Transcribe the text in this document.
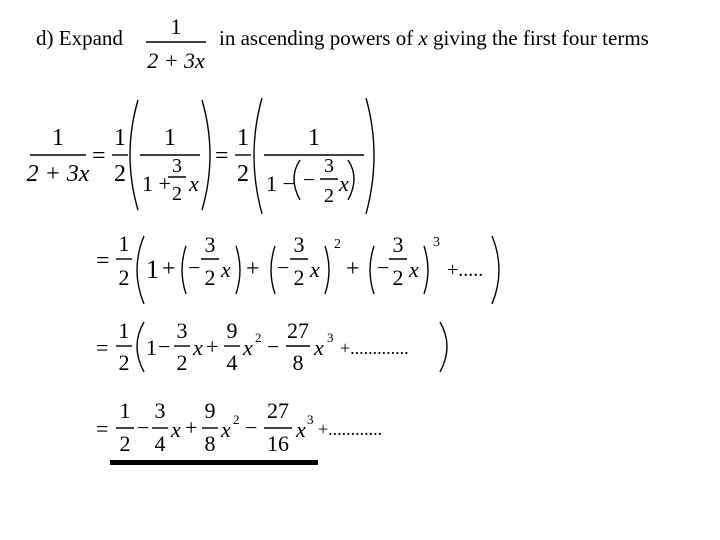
d) Expand	in ascending powers of x giving the first four terms
1
2 + 3x
1
2 + 3x
=
1
2
1
1 +
3
2 x
=
1
2
1
1 − −
3
2 x
=
1
2 1 + −
3
2 x + −
3
2 x
2
+ −
3
2 x
3
+.....
=
1
2
1 −
3
2
x +
9
4
x 2 −
27
8
x 3
+.............
=
1
2
−
3
4
x +
9
8
x 2 −
27
16
x 3 +............
